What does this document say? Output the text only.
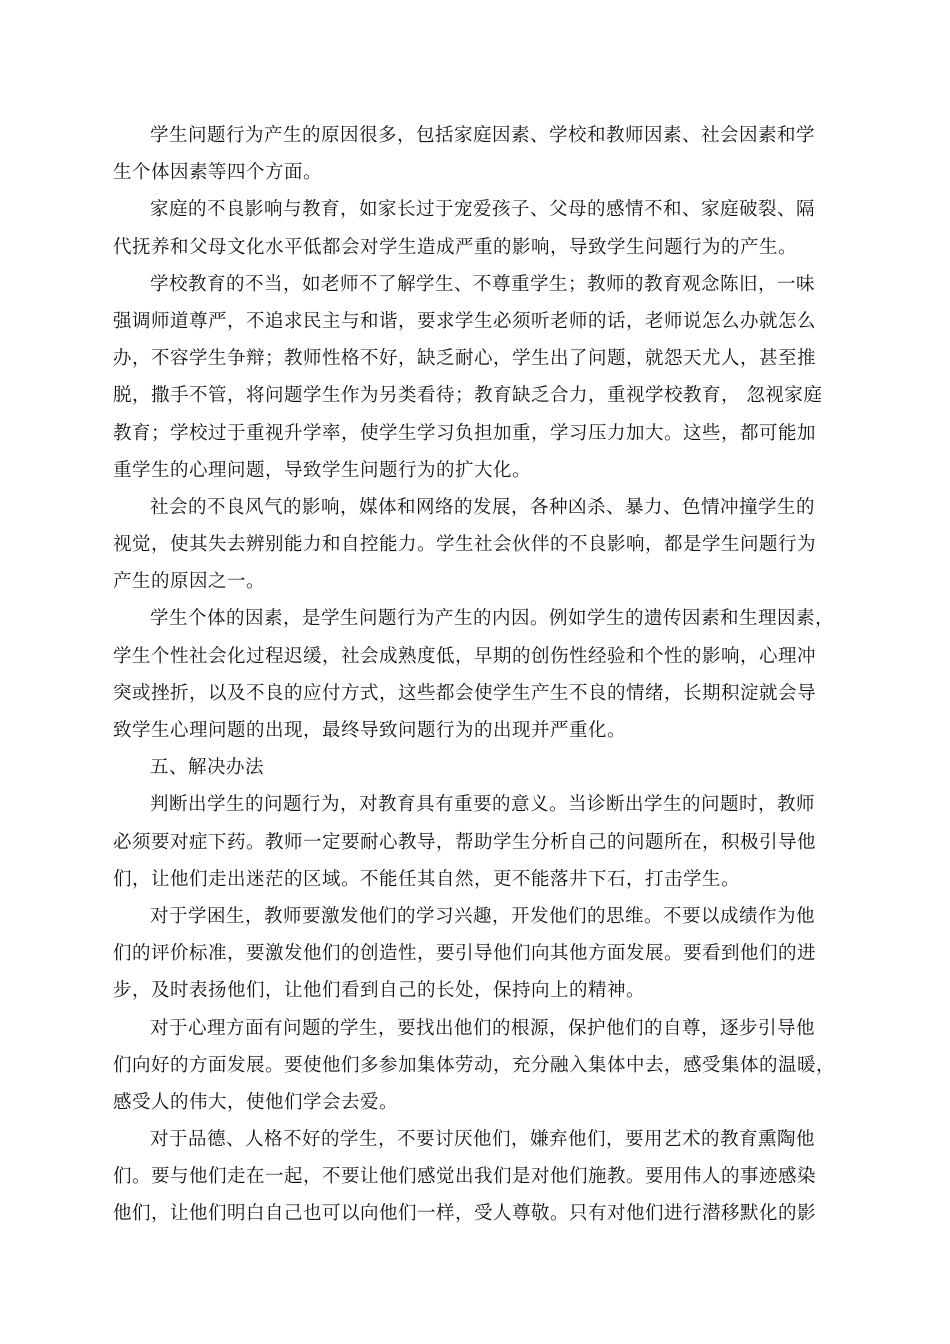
学生问题行为产生的原因很多，包括家庭因素、学校和教师因素、社会因素和学
生个体因素等四个方面。
家庭的不良影响与教育，如家长过于宠爱孩子、父母的感情不和、家庭破裂、隔
代抚养和父母文化水平低都会对学生造成严重的影响，导致学生问题行为的产生。
学校教育的不当，如老师不了解学生、不尊重学生；教师的教育观念陈旧，一味
强调师道尊严，不追求民主与和谐，要求学生必须听老师的话，老师说怎么办就怎么
办，不容学生争辩；教师性格不好，缺乏耐心，学生出了问题，就怨天尤人，甚至推
脱，撒手不管，将问题学生作为另类看待；教育缺乏合力，重视学校教育， 忽视家庭
教育；学校过于重视升学率，使学生学习负担加重，学习压力加大。这些，都可能加
重学生的心理问题，导致学生问题行为的扩大化。
社会的不良风气的影响，媒体和网络的发展，各种凶杀、暴力、色情冲撞学生的
视觉，使其失去辨别能力和自控能力。学生社会伙伴的不良影响，都是学生问题行为
产生的原因之一。
学生个体的因素，是学生问题行为产生的内因。例如学生的遗传因素和生理因素，
学生个性社会化过程迟缓，社会成熟度低，早期的创伤性经验和个性的影响，心理冲
突或挫折，以及不良的应付方式，这些都会使学生产生不良的情绪，长期积淀就会导
致学生心理问题的出现，最终导致问题行为的出现并严重化。
五、解决办法
判断出学生的问题行为，对教育具有重要的意义。当诊断出学生的问题时，教师
必须要对症下药。教师一定要耐心教导，帮助学生分析自己的问题所在，积极引导他
们，让他们走出迷茫的区域。不能任其自然，更不能落井下石，打击学生。
对于学困生，教师要激发他们的学习兴趣，开发他们的思维。不要以成绩作为他
们的评价标准，要激发他们的创造性，要引导他们向其他方面发展。要看到他们的进
步，及时表扬他们，让他们看到自己的长处，保持向上的精神。
对于心理方面有问题的学生，要找出他们的根源，保护他们的自尊，逐步引导他
们向好的方面发展。要使他们多参加集体劳动，充分融入集体中去，感受集体的温暖，
感受人的伟大，使他们学会去爱。
对于品德、人格不好的学生，不要讨厌他们，嫌弃他们，要用艺术的教育熏陶他
们。要与他们走在一起，不要让他们感觉出我们是对他们施教。要用伟人的事迹感染
他们，让他们明白自己也可以向他们一样，受人尊敬。只有对他们进行潜移默化的影
